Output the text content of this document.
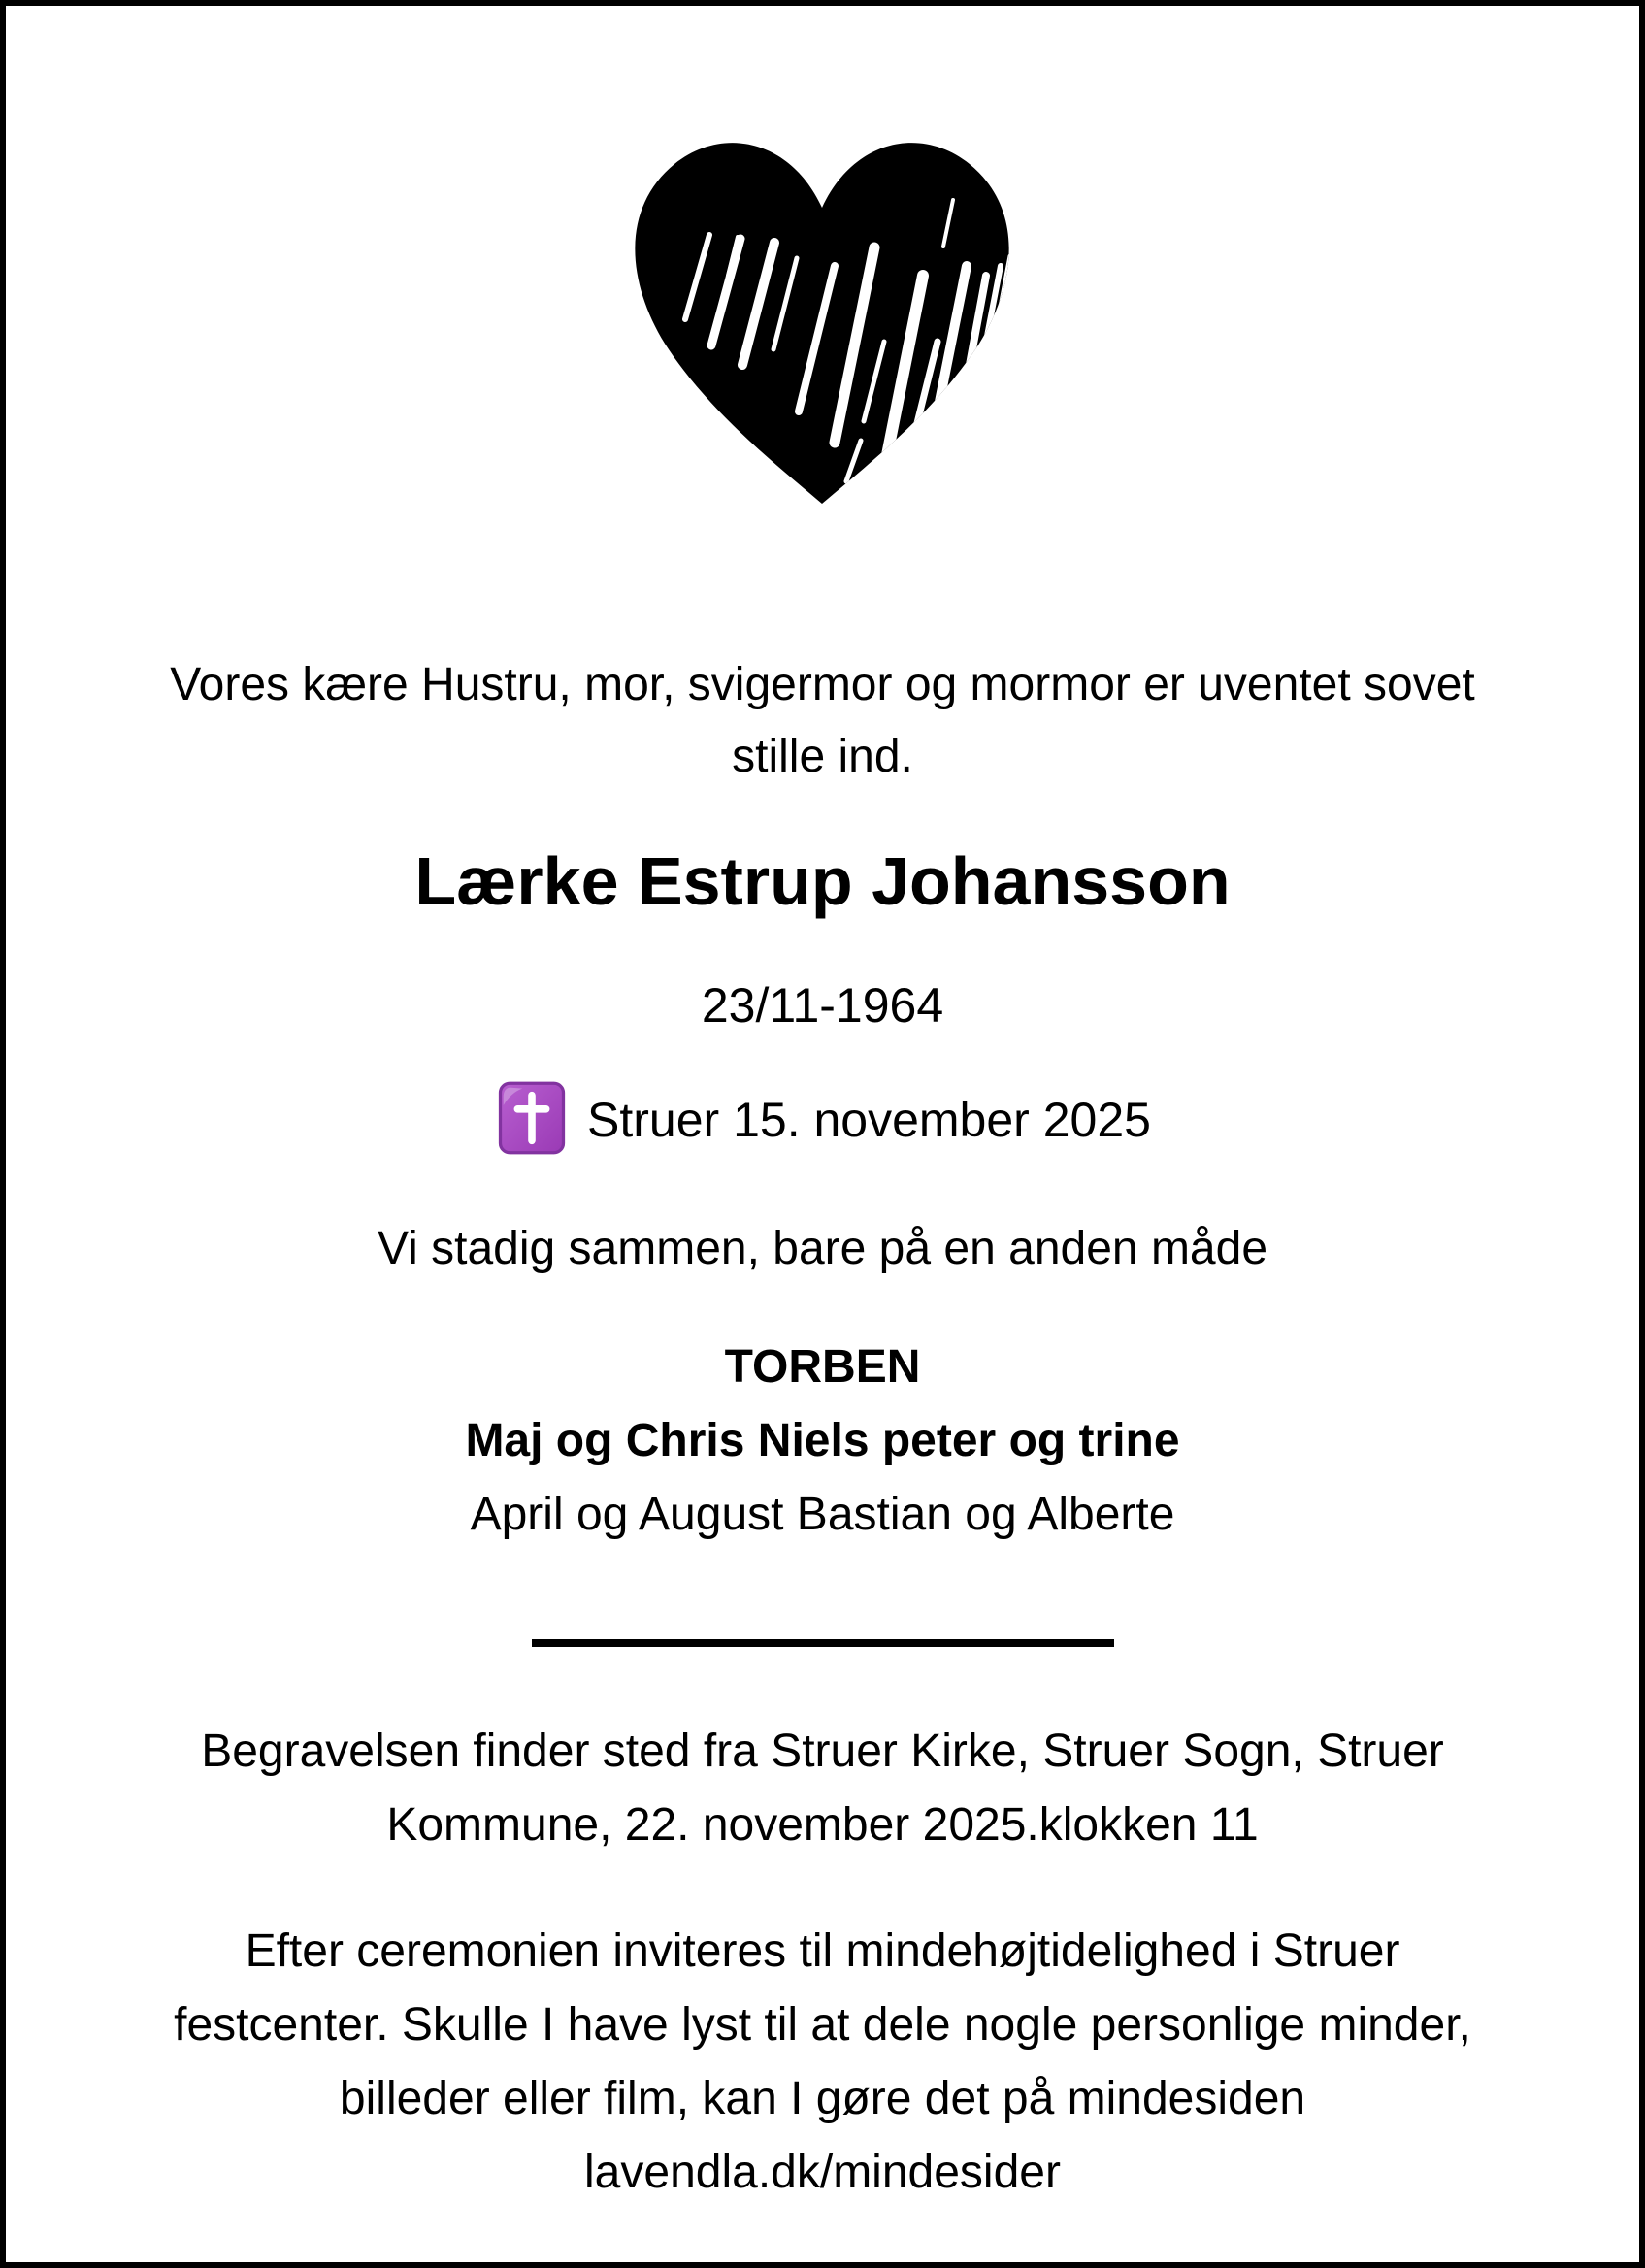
Vores kære Hustru, mor, svigermor og mormor er uventet sovet
stille ind.
Lærke Estrup Johansson
23/11-1964
Struer 15. november 2025
Vi stadig sammen, bare på en anden måde
TORBEN
Maj og Chris Niels peter og trine
April og August Bastian og Alberte
Begravelsen finder sted fra Struer Kirke, Struer Sogn, Struer
Kommune, 22. november 2025.klokken 11
Efter ceremonien inviteres til mindehøjtidelighed i Struer
festcenter. Skulle I have lyst til at dele nogle personlige minder,
billeder eller film, kan I gøre det på mindesiden
lavendla.dk/mindesider
